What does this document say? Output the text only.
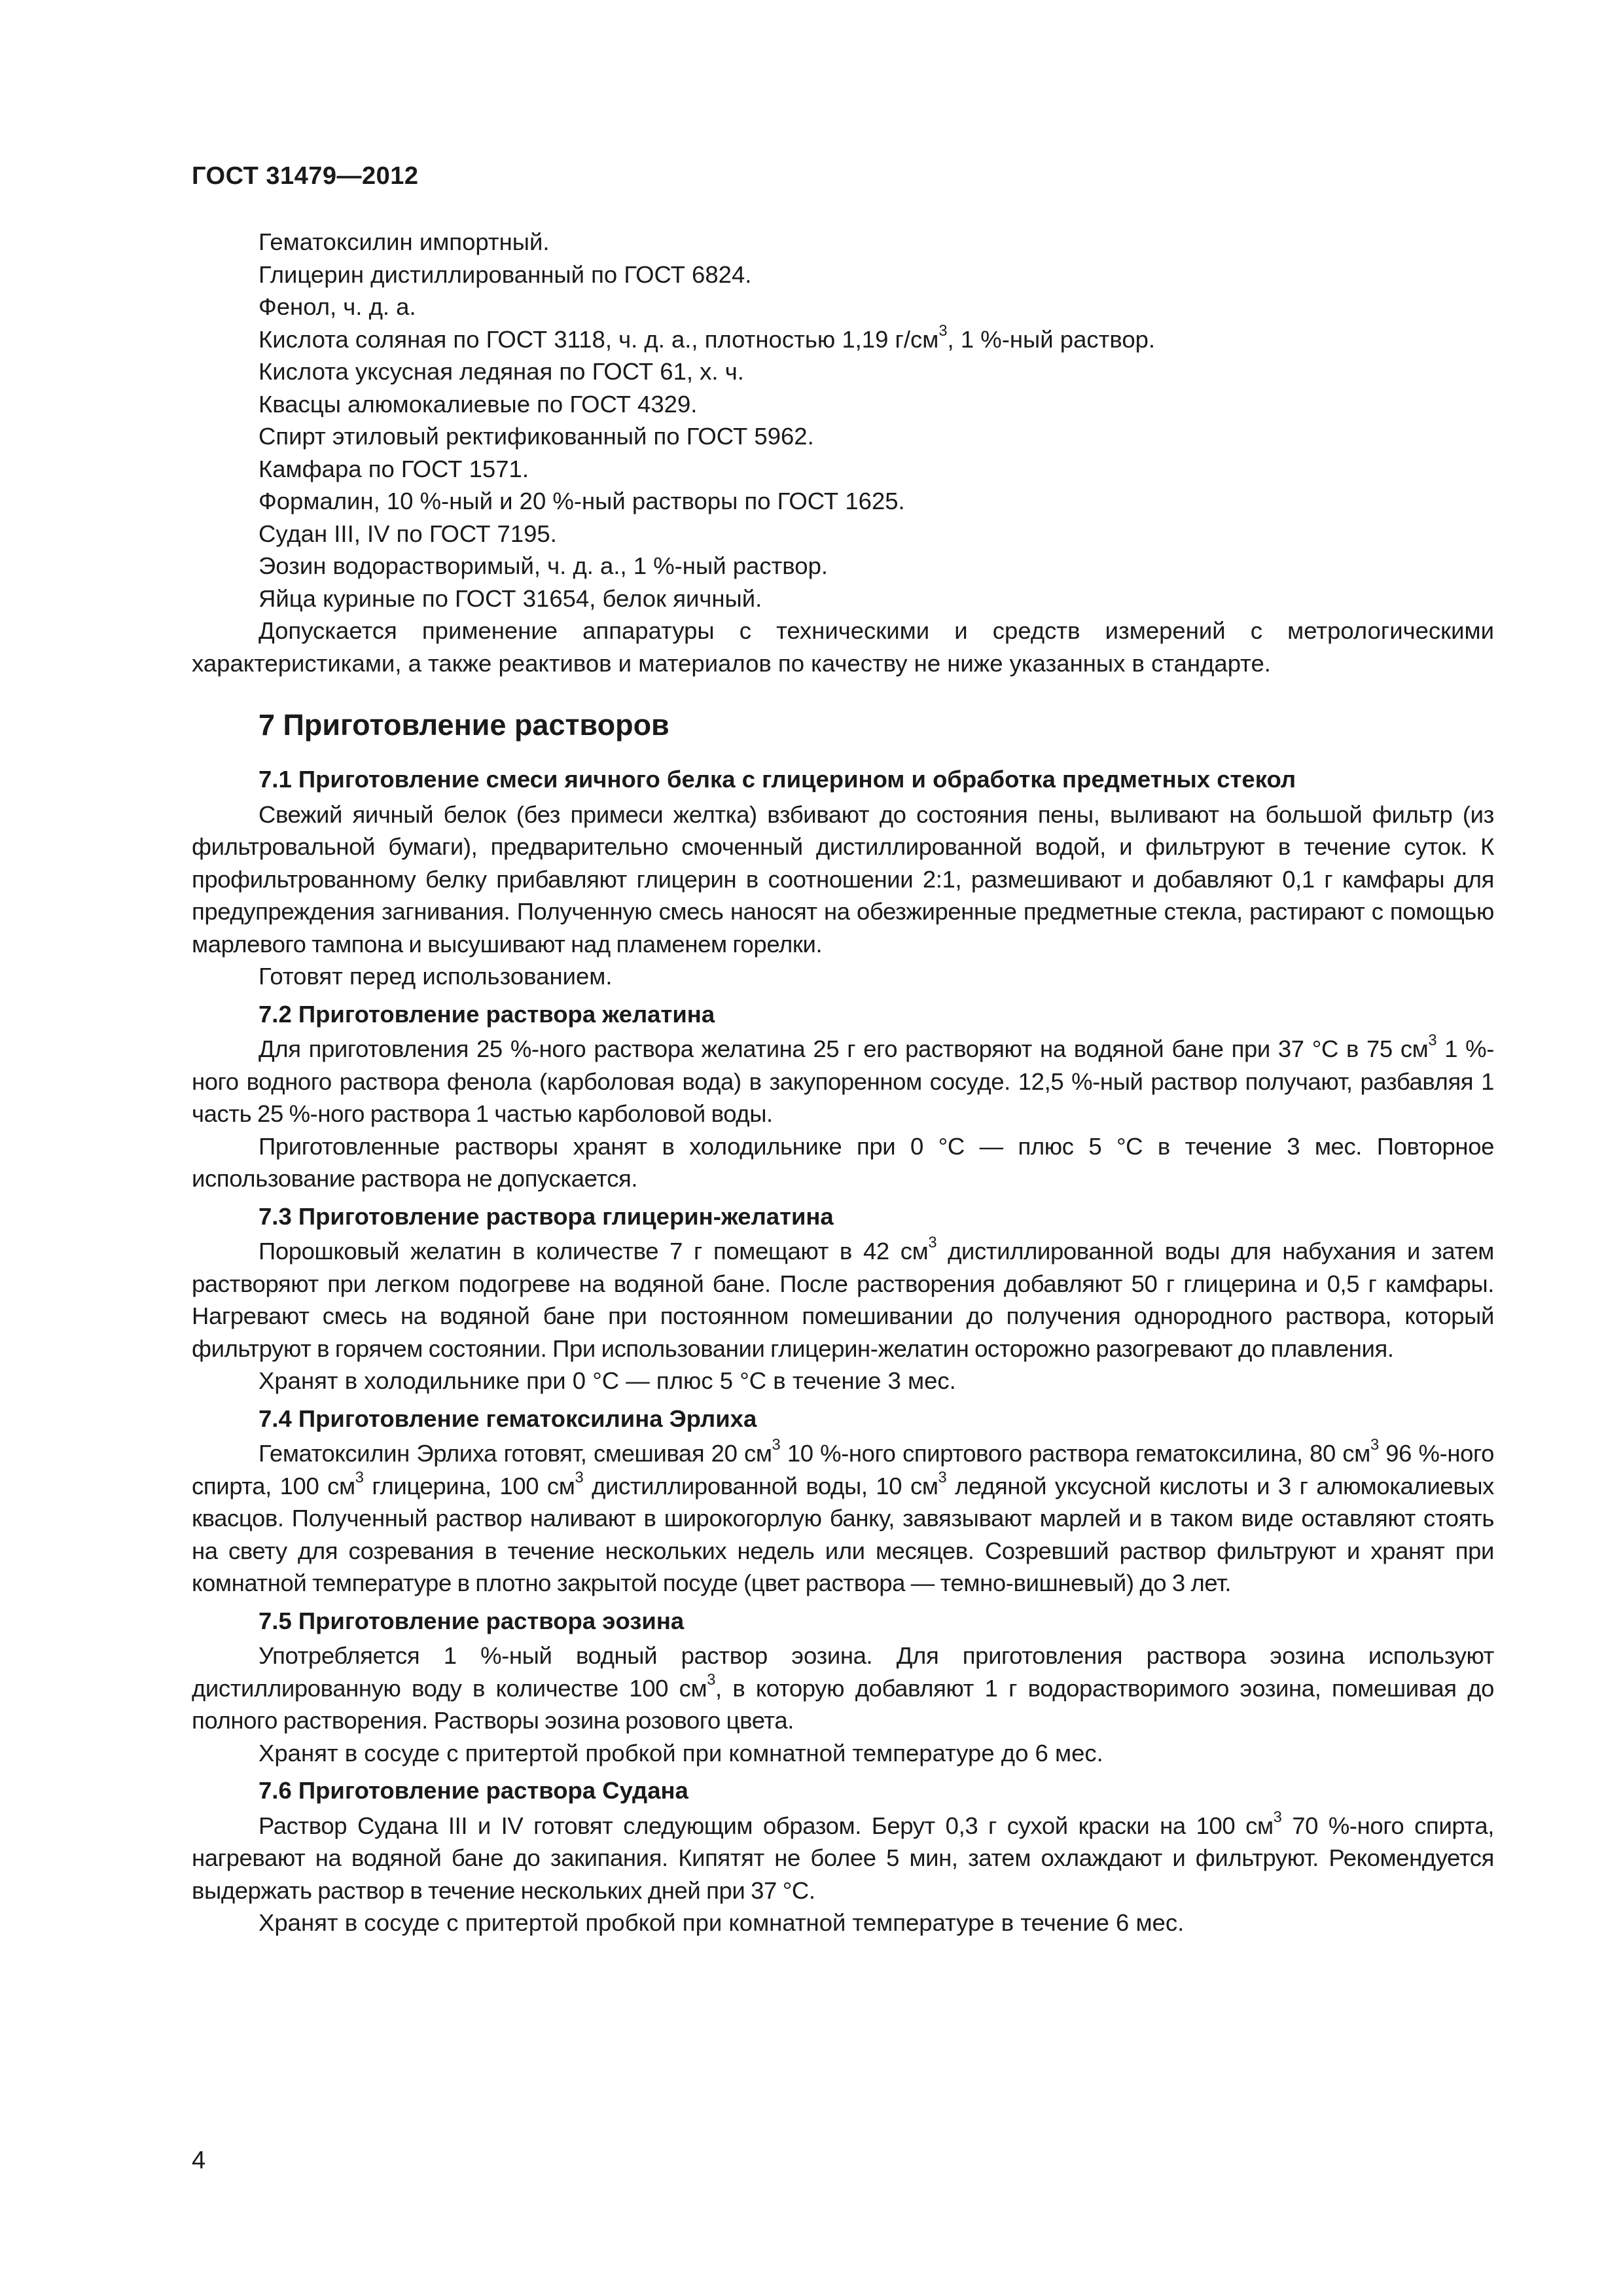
ГОСТ 31479—2012
Гематоксилин импортный.
Глицерин дистиллированный по ГОСТ 6824.
Фенол, ч. д. а.
Кислота соляная по ГОСТ 3118, ч. д. а., плотностью 1,19 $г/см^3$, 1 %-ный раствор.
Кислота уксусная ледяная по ГОСТ 61, х. ч.
Квасцы алюмокалиевые по ГОСТ 4329.
Спирт этиловый ректификованный по ГОСТ 5962.
Камфара по ГОСТ 1571.
Формалин, 10 %-ный и 20 %-ный растворы по ГОСТ 1625.
Судан III, IV по ГОСТ 7195.
Эозин водорастворимый, ч. д. а., 1 %-ный раствор.
Яйца куриные по ГОСТ 31654, белок яичный.

Допускается применение аппаратуры с техническими и средств измерений с метрологическими характеристиками, а также реактивов и материалов по качеству не ниже указанных в стандарте.

7 Приготовление растворов
7.1 Приготовление смеси яичного белка с глицерином и обработка предметных стекол

Свежий яичный белок (без примеси желтка) взбивают до состояния пены, выливают на большой фильтр (из фильтровальной бумаги), предварительно смоченный дистиллированной водой, и фильтруют в течение суток. К профильтрованному белку прибавляют глицерин в соотношении 2:1, размешивают и добавляют 0,1 г камфары для предупреждения загнивания. Полученную смесь наносят на обезжиренные предметные стекла, растирают с помощью марлевого тампона и высушивают над пламенем горелки.

Готовят перед использованием.

7.2 Приготовление раствора желатина

Для приготовления 25 %-ного раствора желатина 25 г его растворяют на водяной бане при 37 °С в 75 $см^3$ 1 %-ного водного раствора фенола (карболовая вода) в закупоренном сосуде. 12,5 %-ный раствор получают, разбавляя 1 часть 25 %-ного раствора 1 частью карболовой воды.

Приготовленные растворы хранят в холодильнике при 0 °С — плюс 5 °С в течение 3 мес. Повторное использование раствора не допускается.

7.3 Приготовление раствора глицерин-желатина

Порошковый желатин в количестве 7 г помещают в 42 $см^3$ дистиллированной воды для набухания и затем растворяют при легком подогреве на водяной бане. После растворения добавляют 50 г глицерина и 0,5 г камфары. Нагревают смесь на водяной бане при постоянном помешивании до получения однородного раствора, который фильтруют в горячем состоянии. При использовании глицерин-желатин осторожно разогревают до плавления.

Хранят в холодильнике при 0 °С — плюс 5 °С в течение 3 мес.

7.4 Приготовление гематоксилина Эрлиха

Гематоксилин Эрлиха готовят, смешивая 20 $см^3$ 10 %-ного спиртового раствора гематоксилина, 80 $см^3$ 96 %-ного спирта, 100 $см^3$ глицерина, 100 $см^3$ дистиллированной воды, 10 $см^3$ ледяной уксусной кислоты и 3 г алюмокалиевых квасцов. Полученный раствор наливают в широкогорлую банку, завязывают марлей и в таком виде оставляют стоять на свету для созревания в течение нескольких недель или месяцев. Созревший раствор фильтруют и хранят при комнатной температуре в плотно закрытой посуде (цвет раствора — темно-вишневый) до 3 лет.

7.5 Приготовление раствора эозина

Употребляется 1 %-ный водный раствор эозина. Для приготовления раствора эозина используют дистиллированную воду в количестве 100 $см^3$, в которую добавляют 1 г водорастворимого эозина, помешивая до полного растворения. Растворы эозина розового цвета.

Хранят в сосуде с притертой пробкой при комнатной температуре до 6 мес.

7.6 Приготовление раствора Судана

Раствор Судана III и IV готовят следующим образом. Берут 0,3 г сухой краски на 100 $см^3$ 70 %-ного спирта, нагревают на водяной бане до закипания. Кипятят не более 5 мин, затем охлаждают и фильтруют. Рекомендуется выдержать раствор в течение нескольких дней при 37 °С.

Хранят в сосуде с притертой пробкой при комнатной температуре в течение 6 мес.

4
